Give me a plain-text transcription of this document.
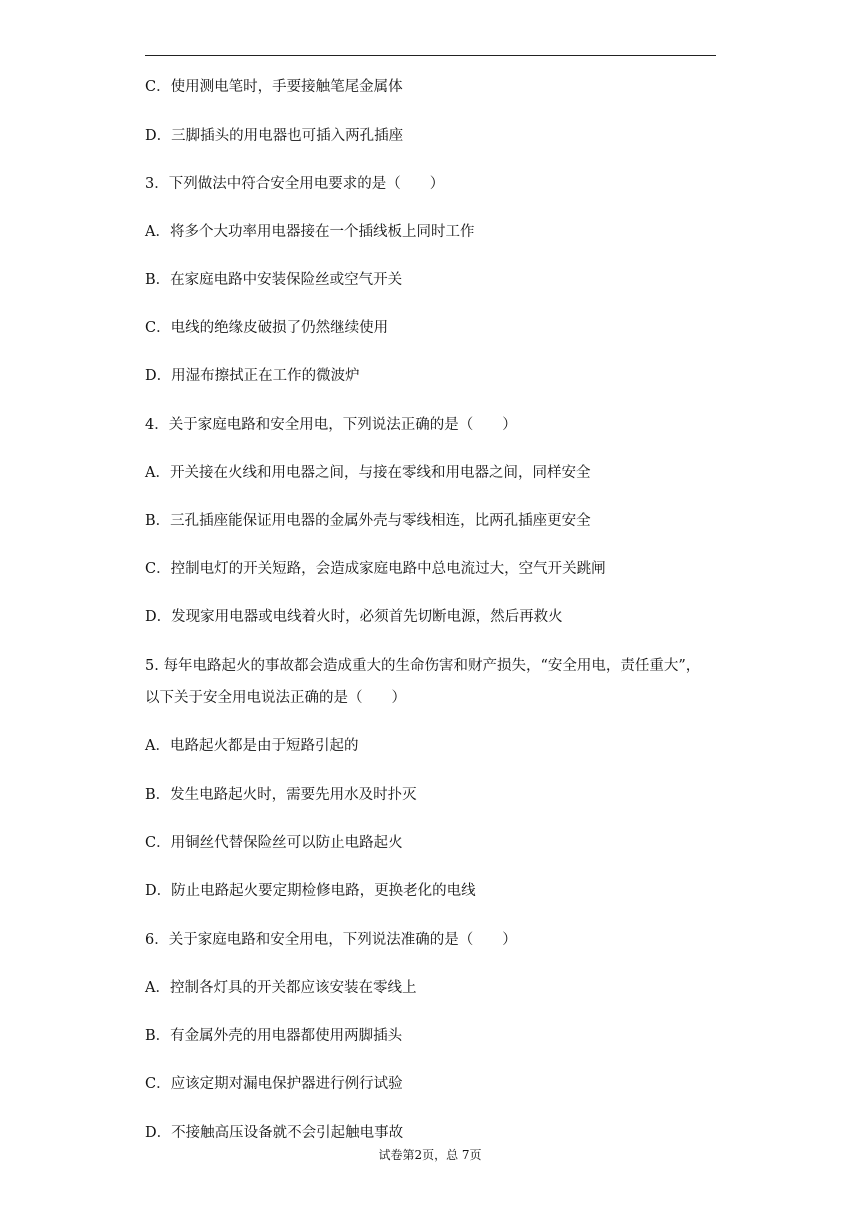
C．使用测电笔时，手要接触笔尾金属体
D．三脚插头的用电器也可插入两孔插座
3．下列做法中符合安全用电要求的是（　　）
A．将多个大功率用电器接在一个插线板上同时工作
B．在家庭电路中安装保险丝或空气开关
C．电线的绝缘皮破损了仍然继续使用
D．用湿布擦拭正在工作的微波炉
4．关于家庭电路和安全用电，下列说法正确的是（　　）
A．开关接在火线和用电器之间，与接在零线和用电器之间，同样安全
B．三孔插座能保证用电器的金属外壳与零线相连，比两孔插座更安全
C．控制电灯的开关短路，会造成家庭电路中总电流过大，空气开关跳闸
D．发现家用电器或电线着火时，必须首先切断电源，然后再救火
5. 每年电路起火的事故都会造成重大的生命伤害和财产损失，“安全用电，责任重大”，
以下关于安全用电说法正确的是（　　）
A．电路起火都是由于短路引起的
B．发生电路起火时，需要先用水及时扑灭
C．用铜丝代替保险丝可以防止电路起火
D．防止电路起火要定期检修电路，更换老化的电线
6．关于家庭电路和安全用电，下列说法准确的是（　　）
A．控制各灯具的开关都应该安装在零线上
B．有金属外壳的用电器都使用两脚插头
C．应该定期对漏电保护器进行例行试验
D．不接触高压设备就不会引起触电事故
试卷第2页，总 7页
